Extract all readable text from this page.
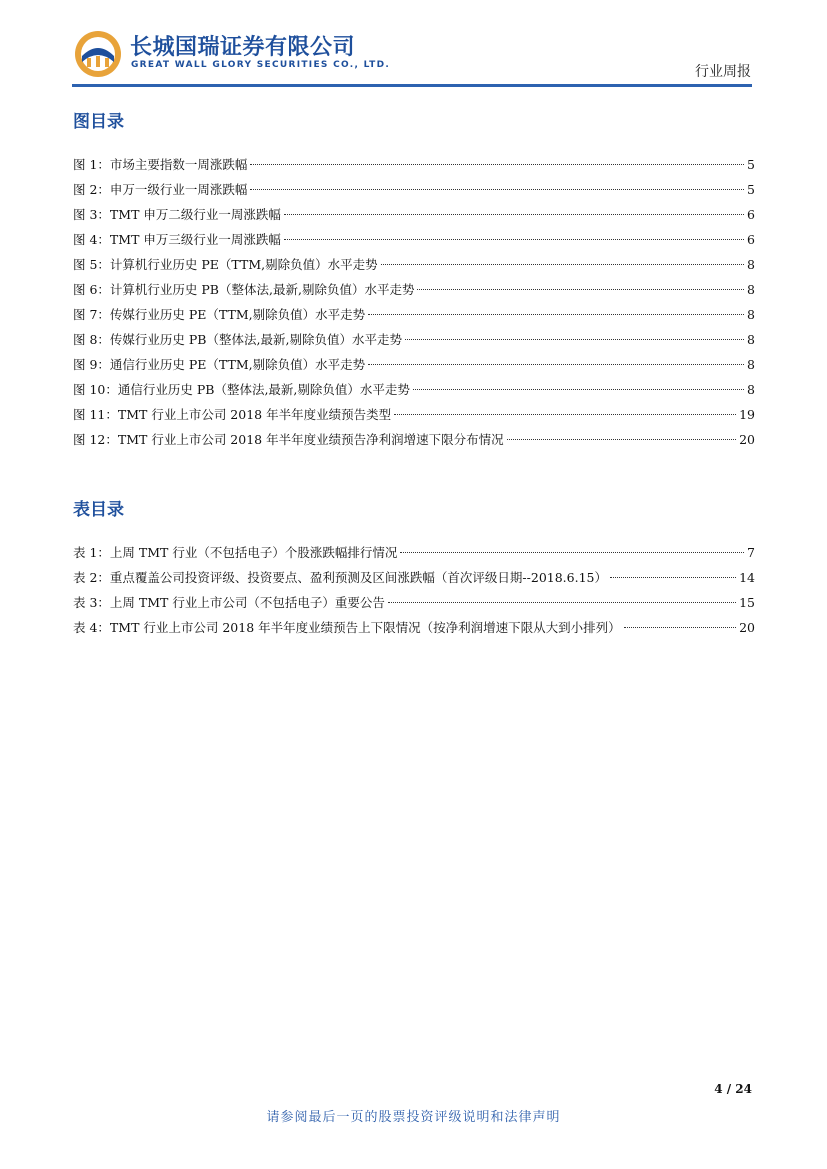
长城国瑞证券有限公司
GREAT WALL GLORY SECURITIES CO., LTD.	行业周报
图目录
图 1：市场主要指数一周涨跌幅	5
图 2：申万一级行业一周涨跌幅	5
图 3：TMT 申万二级行业一周涨跌幅	6
图 4：TMT 申万三级行业一周涨跌幅	6
图 5：计算机行业历史 PE（TTM,剔除负值）水平走势	8
图 6：计算机行业历史 PB（整体法,最新,剔除负值）水平走势	8
图 7：传媒行业历史 PE（TTM,剔除负值）水平走势	8
图 8：传媒行业历史 PB（整体法,最新,剔除负值）水平走势	8
图 9：通信行业历史 PE（TTM,剔除负值）水平走势	8
图 10：通信行业历史 PB（整体法,最新,剔除负值）水平走势	8
图 11：TMT 行业上市公司 2018 年半年度业绩预告类型	19
图 12：TMT 行业上市公司 2018 年半年度业绩预告净利润增速下限分布情况	20
表目录
表 1：上周 TMT 行业（不包括电子）个股涨跌幅排行情况	7
表 2：重点覆盖公司投资评级、投资要点、盈利预测及区间涨跌幅（首次评级日期--2018.6.15）	14
表 3：上周 TMT 行业上市公司（不包括电子）重要公告	15
表 4：TMT 行业上市公司 2018 年半年度业绩预告上下限情况（按净利润增速下限从大到小排列）	20
4 / 24
请参阅最后一页的股票投资评级说明和法律声明
